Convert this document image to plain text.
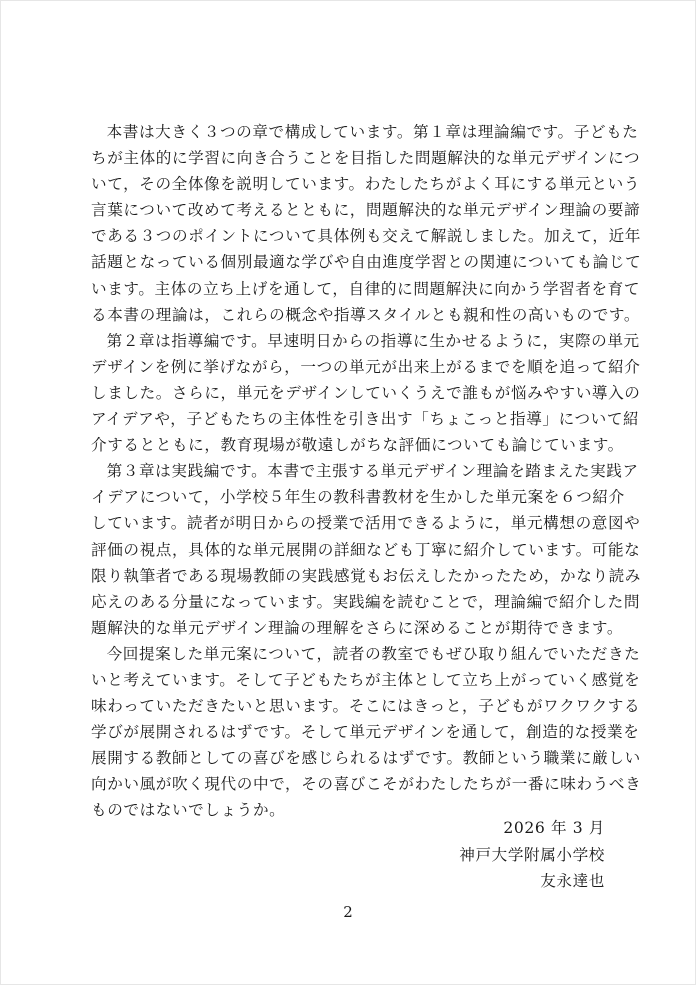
本書は大きく３つの章で構成しています。第１章は理論編です。子どもた
ちが主体的に学習に向き合うことを目指した問題解決的な単元デザインにつ
いて，その全体像を説明しています。わたしたちがよく耳にする単元という
言葉について改めて考えるとともに，問題解決的な単元デザイン理論の要諦
である３つのポイントについて具体例も交えて解説しました。加えて，近年
話題となっている個別最適な学びや自由進度学習との関連についても論じて
います。主体の立ち上げを通して，自律的に問題解決に向かう学習者を育て
る本書の理論は，これらの概念や指導スタイルとも親和性の高いものです。

第２章は指導編です。早速明日からの指導に生かせるように，実際の単元
デザインを例に挙げながら，一つの単元が出来上がるまでを順を追って紹介
しました。さらに，単元をデザインしていくうえで誰もが悩みやすい導入の
アイデアや，子どもたちの主体性を引き出す「ちょこっと指導」について紹
介するとともに，教育現場が敬遠しがちな評価についても論じています。

第３章は実践編です。本書で主張する単元デザイン理論を踏まえた実践ア
イデアについて，小学校５年生の教科書教材を生かした単元案を６つ紹介
しています。読者が明日からの授業で活用できるように，単元構想の意図や
評価の視点，具体的な単元展開の詳細なども丁寧に紹介しています。可能な
限り執筆者である現場教師の実践感覚もお伝えしたかったため，かなり読み
応えのある分量になっています。実践編を読むことで，理論編で紹介した問
題解決的な単元デザイン理論の理解をさらに深めることが期待できます。

今回提案した単元案について，読者の教室でもぜひ取り組んでいただきた
いと考えています。そして子どもたちが主体として立ち上がっていく感覚を
味わっていただきたいと思います。そこにはきっと，子どもがワクワクする
学びが展開されるはずです。そして単元デザインを通して，創造的な授業を
展開する教師としての喜びを感じられるはずです。教師という職業に厳しい
向かい風が吹く現代の中で，その喜びこそがわたしたちが一番に味わうべき
ものではないでしょうか。

2026 年 3 月
神戸大学附属小学校
友永達也
2
